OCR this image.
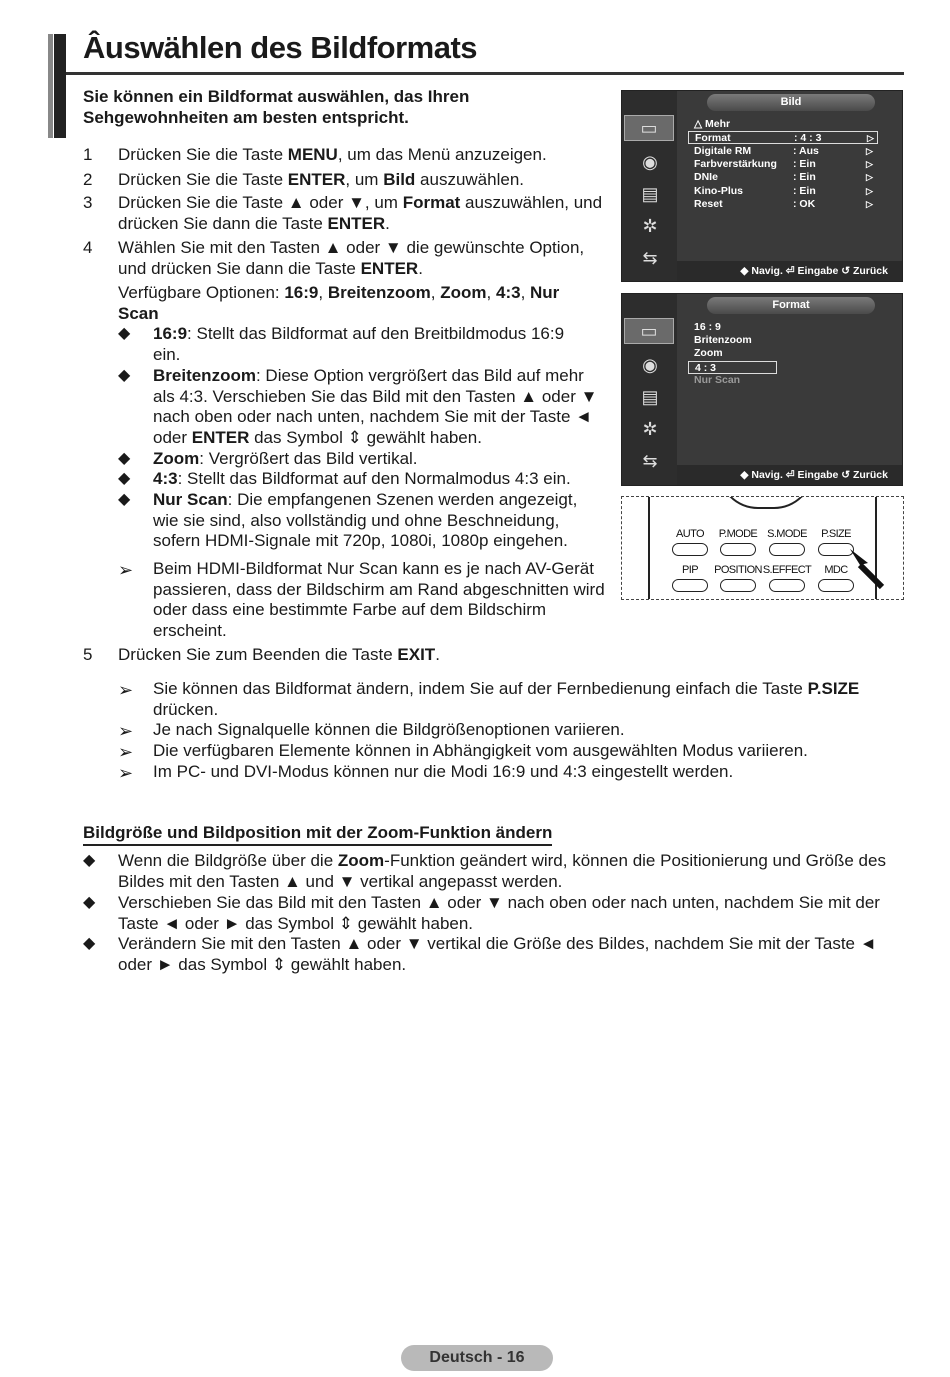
Âuswählen des Bildformats
Sie können ein Bildformat auswählen, das Ihren Sehgewohnheiten am besten entspricht.
1 Drücken Sie die Taste MENU, um das Menü anzuzeigen.
2 Drücken Sie die Taste ENTER, um Bild auszuwählen.
3 Drücken Sie die Taste ▲ oder ▼, um Format auszuwählen, und drücken Sie dann die Taste ENTER.
4 Wählen Sie mit den Tasten ▲ oder ▼ die gewünschte Option, und drücken Sie dann die Taste ENTER.
Verfügbare Optionen: 16:9, Breitenzoom, Zoom, 4:3, Nur Scan
◆ 16:9: Stellt das Bildformat auf den Breitbildmodus 16:9 ein.
◆ Breitenzoom: Diese Option vergrößert das Bild auf mehr als 4:3. Verschieben Sie das Bild mit den Tasten ▲ oder ▼ nach oben oder nach unten, nachdem Sie mit der Taste ◄ oder ENTER das Symbol ⇕ gewählt haben.
◆ Zoom: Vergrößert das Bild vertikal.
◆ 4:3: Stellt das Bildformat auf den Normalmodus 4:3 ein.
◆ Nur Scan: Die empfangenen Szenen werden angezeigt, wie sie sind, also vollständig und ohne Beschneidung, sofern HDMI-Signale mit 720p, 1080i, 1080p eingehen.
➢ Beim HDMI-Bildformat Nur Scan kann es je nach AV-Gerät passieren, dass der Bildschirm am Rand abgeschnitten wird oder dass eine bestimmte Farbe auf dem Bildschirm erscheint.
5 Drücken Sie zum Beenden die Taste EXIT.
➢ Sie können das Bildformat ändern, indem Sie auf der Fernbedienung einfach die Taste P.SIZE drücken.
➢ Je nach Signalquelle können die Bildgrößenoptionen variieren.
➢ Die verfügbaren Elemente können in Abhängigkeit vom ausgewählten Modus variieren.
➢ Im PC- und DVI-Modus können nur die Modi 16:9 und 4:3 eingestellt werden.
Bildgröße und Bildposition mit der Zoom-Funktion ändern
◆ Wenn die Bildgröße über die Zoom-Funktion geändert wird, können die Positionierung und Größe des Bildes mit den Tasten ▲ und ▼ vertikal angepasst werden.
◆ Verschieben Sie das Bild mit den Tasten ▲ oder ▼ nach oben oder nach unten, nachdem Sie mit der Taste ◄ oder ► das Symbol ⇕ gewählt haben.
◆ Verändern Sie mit den Tasten ▲ oder ▼ vertikal die Größe des Bildes, nachdem Sie mit der Taste ◄ oder ► das Symbol ⇕ gewählt haben.
▭
◉
▤
✲
⇆
Bild
△ Mehr
Format	: 4 : 3	▷
Digitale RM	: Aus	▷
Farbverstärkung : Ein	▷
DNIe	: Ein	▷
Kino-Plus	: Ein	▷
Reset	: OK	▷
◆ Navig. ⏎ Eingabe ↺ Zurück
▭
◉
▤
✲
⇆
Format
16 : 9
Britenzoom
Zoom
4 : 3
Nur Scan
◆ Navig. ⏎ Eingabe ↺ Zurück
AUTO	P.MODE S.MODE	P.SIZE
PIP	POSITION S.EFFECT	MDC
Deutsch - 16
